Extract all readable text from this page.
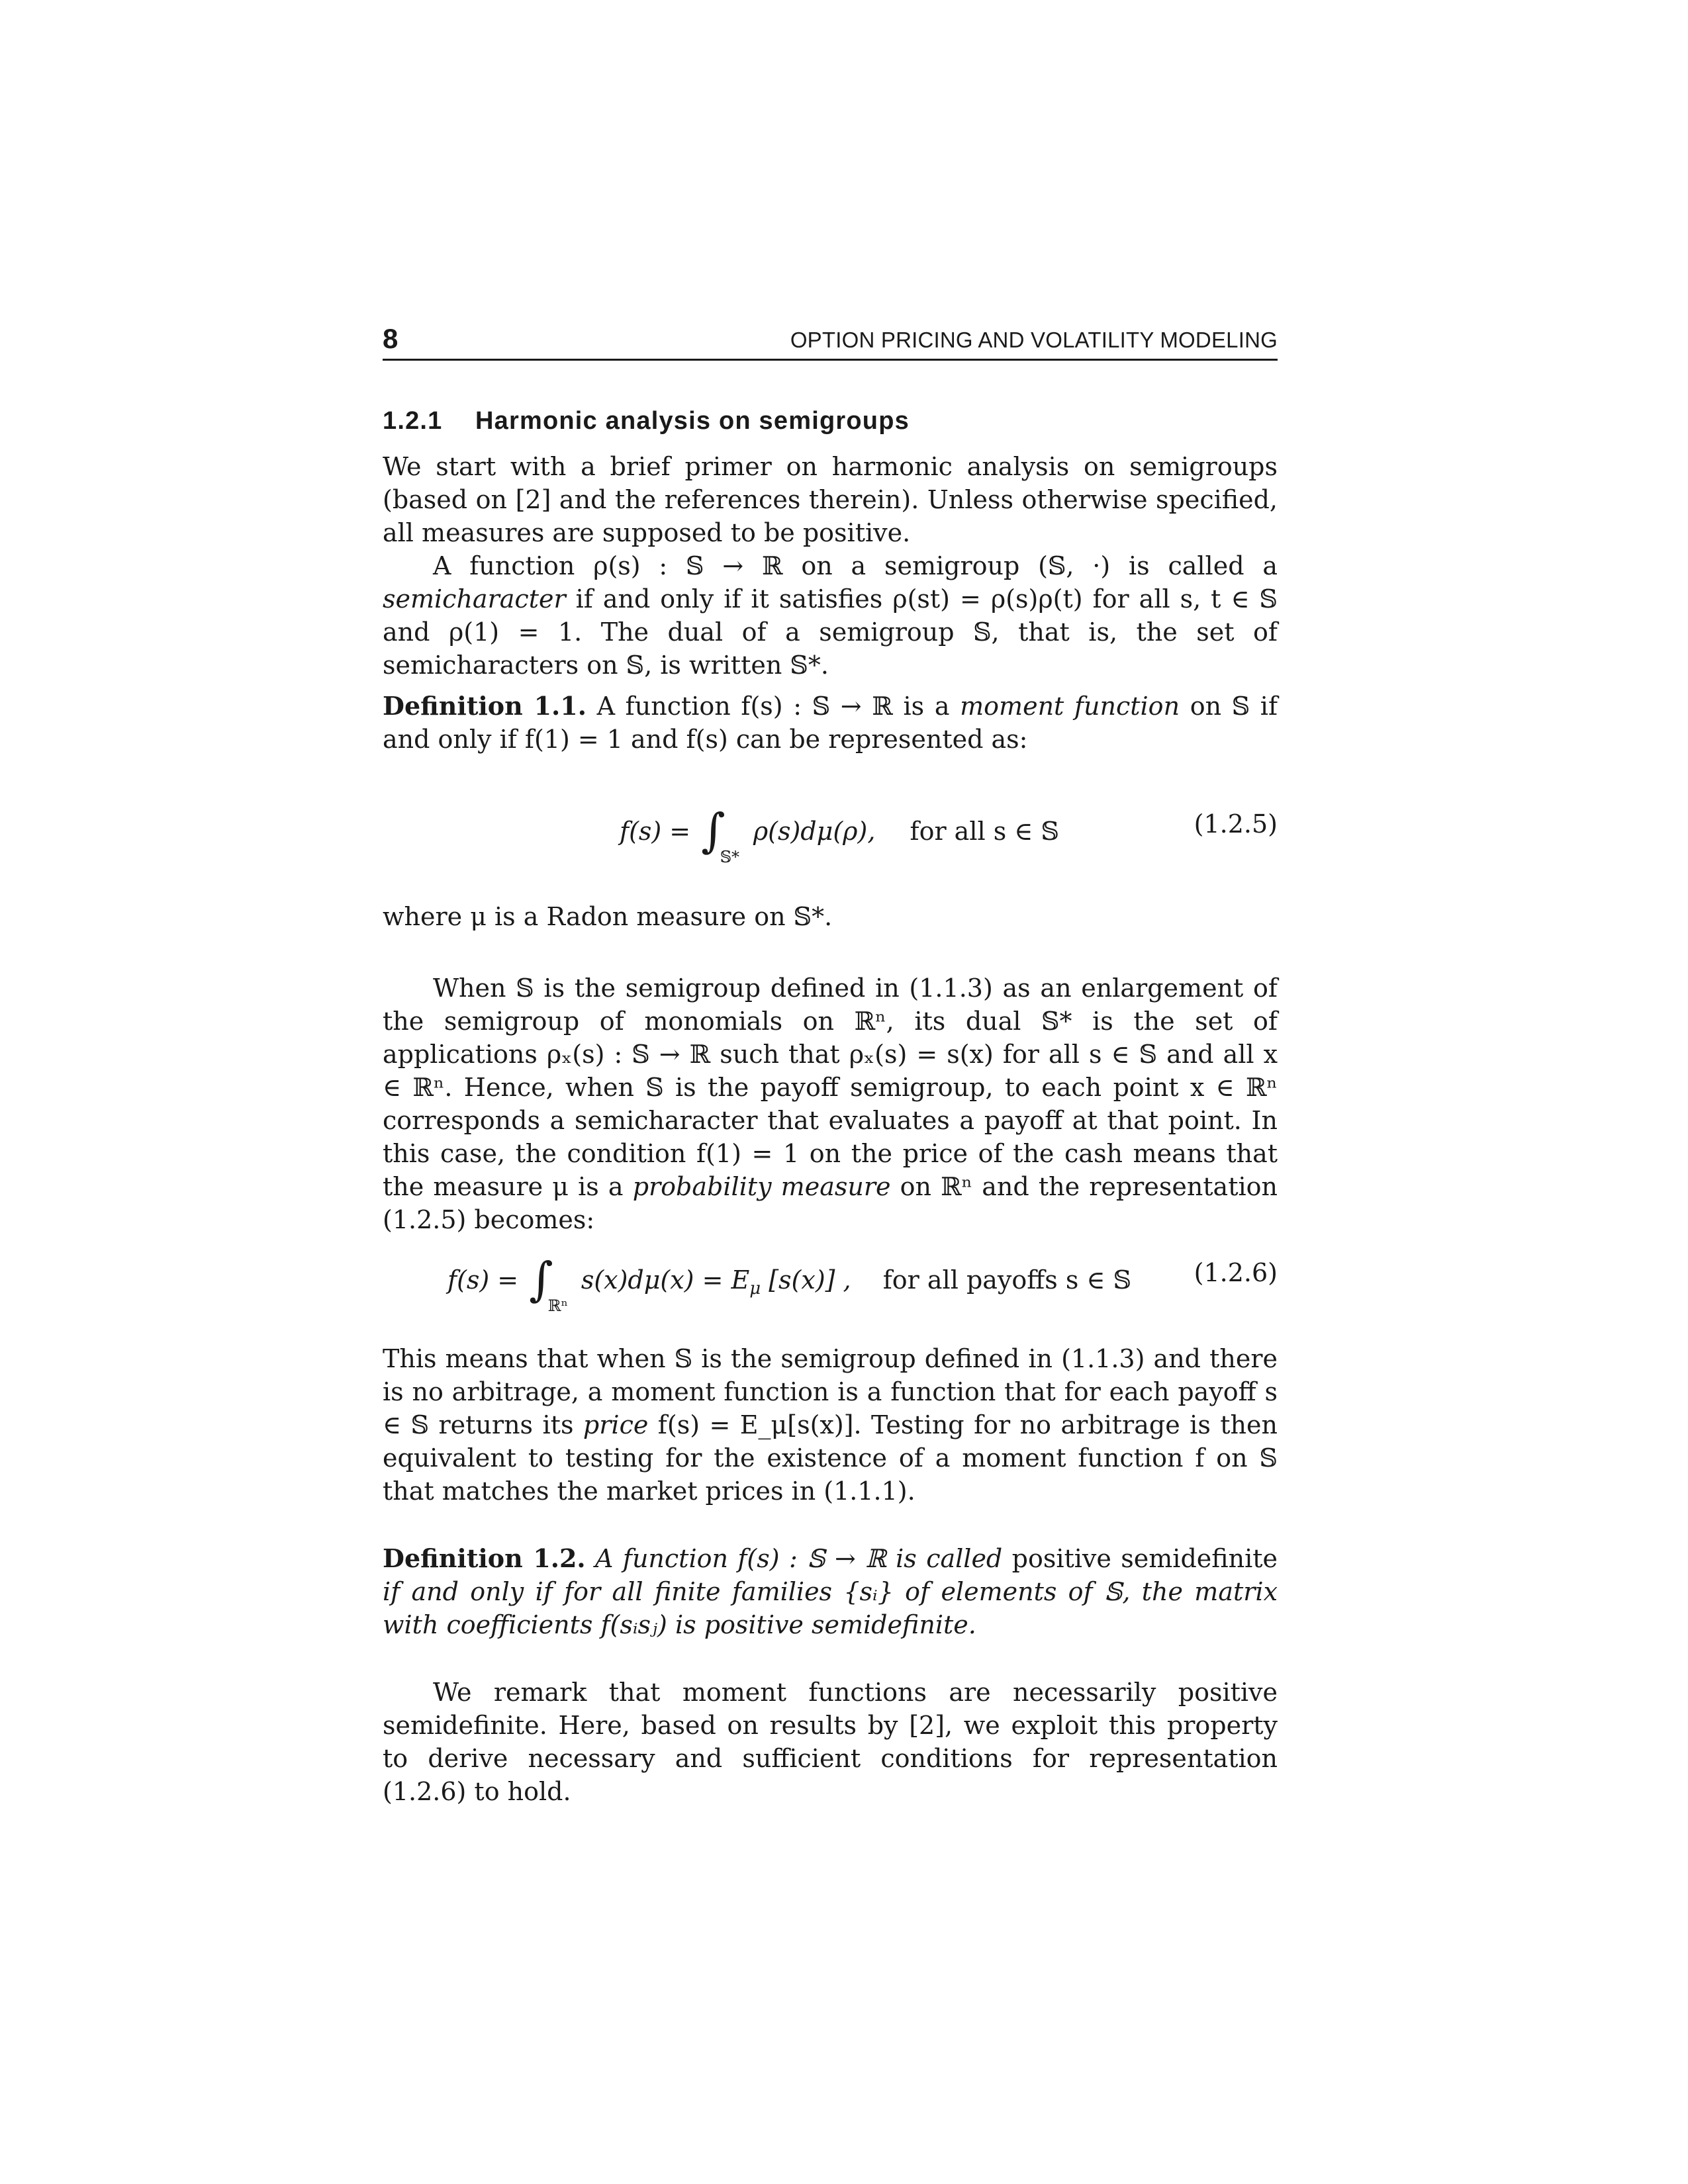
8	OPTION PRICING AND VOLATILITY MODELING
1.2.1 Harmonic analysis on semigroups

We start with a brief primer on harmonic analysis on semigroups (based on [2] and the references therein). Unless otherwise specified, all measures are supposed to be positive.

A function ρ(s) : 𝕊 → ℝ on a semigroup (𝕊, ·) is called a semicharacter if and only if it satisfies ρ(st) = ρ(s)ρ(t) for all s, t ∈ 𝕊 and ρ(1) = 1. The dual of a semigroup 𝕊, that is, the set of semicharacters on 𝕊, is written 𝕊*.

Definition 1.1. A function f(s) : 𝕊 → ℝ is a moment function on 𝕊 if and only if f(1) = 1 and f(s) can be represented as:

f(s) = ∫𝕊* ρ(s)dμ(ρ), for all s ∈ 𝕊	(1.2.5)

where μ is a Radon measure on 𝕊*.

When 𝕊 is the semigroup defined in (1.1.3) as an enlargement of the semigroup of monomials on ℝⁿ, its dual 𝕊* is the set of applications ρₓ(s) : 𝕊 → ℝ such that ρₓ(s) = s(x) for all s ∈ 𝕊 and all x ∈ ℝⁿ. Hence, when 𝕊 is the payoff semigroup, to each point x ∈ ℝⁿ corresponds a semicharacter that evaluates a payoff at that point. In this case, the condition f(1) = 1 on the price of the cash means that the measure μ is a probability measure on ℝⁿ and the representation (1.2.5) becomes:

f(s) = ∫ℝⁿ $s(x)d\mu(x) = E_\mu$ [s(x)] , for all payoffs s ∈ 𝕊 (1.2.6)

This means that when 𝕊 is the semigroup defined in (1.1.3) and there is no arbitrage, a moment function is a function that for each payoff s ∈ 𝕊 returns its price f(s) = E_μ[s(x)]. Testing for no arbitrage is then equivalent to testing for the existence of a moment function f on 𝕊 that matches the market prices in (1.1.1).

Definition 1.2. A function f(s) : 𝕊 → ℝ is called positive semidefinite if and only if for all finite families {sᵢ} of elements of 𝕊, the matrix with coefficients f(sᵢsⱼ) is positive semidefinite.

We remark that moment functions are necessarily positive semidefinite. Here, based on results by [2], we exploit this property to derive necessary and sufficient conditions for representation (1.2.6) to hold.
